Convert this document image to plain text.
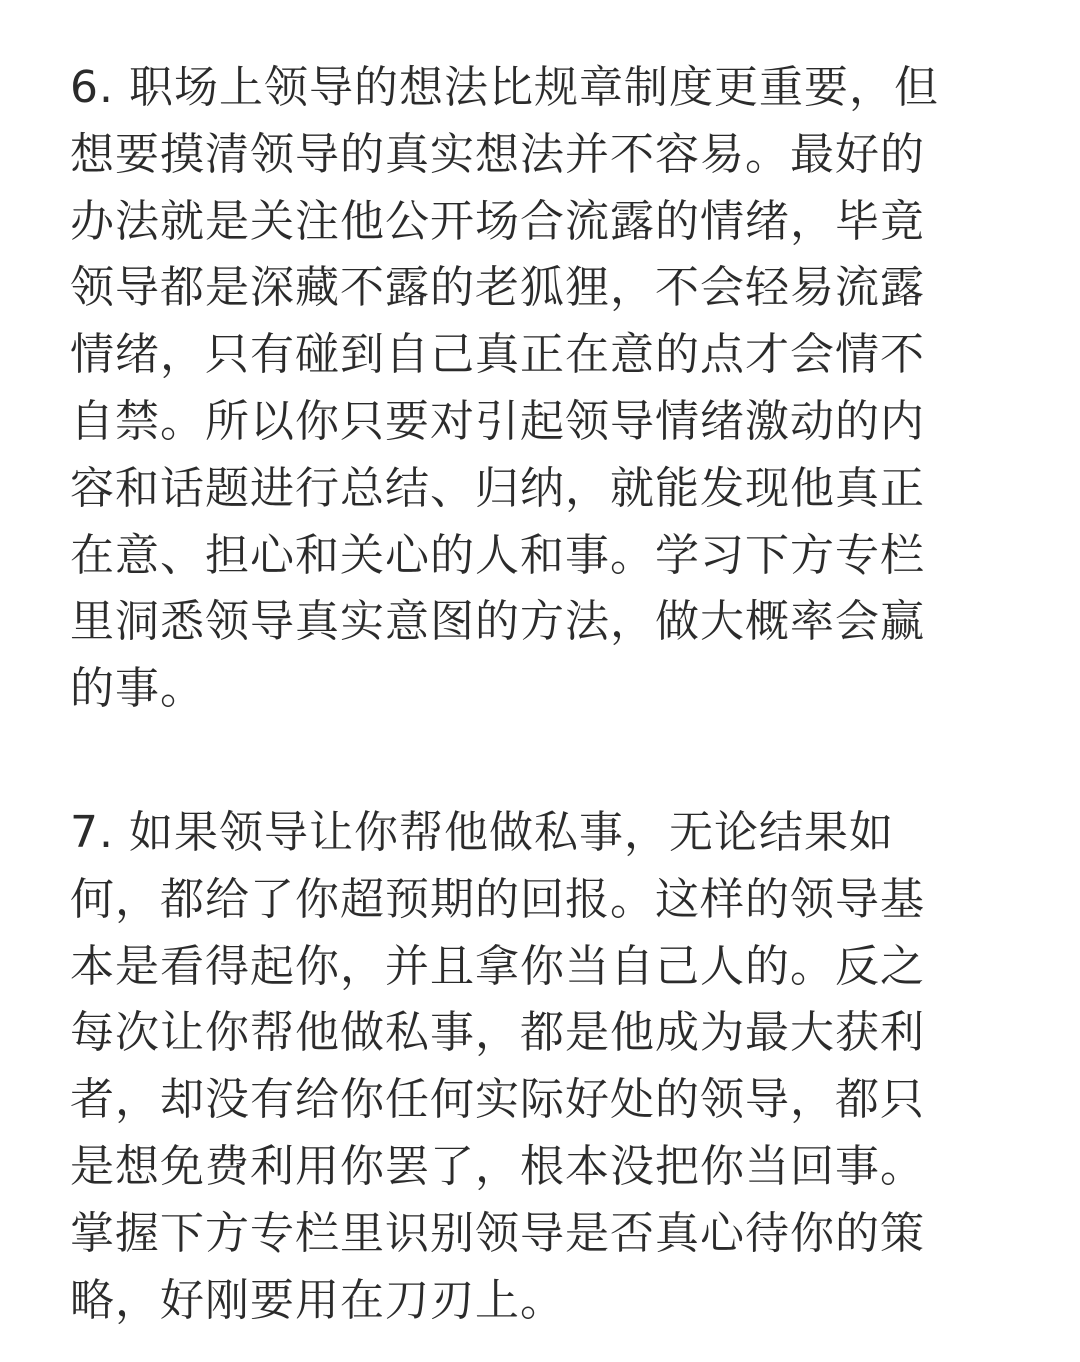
6. 职场上领导的想法比规章制度更重要，但
想要摸清领导的真实想法并不容易。最好的
办法就是关注他公开场合流露的情绪，毕竟
领导都是深藏不露的老狐狸，不会轻易流露
情绪，只有碰到自己真正在意的点才会情不
自禁。所以你只要对引起领导情绪激动的内
容和话题进行总结、归纳，就能发现他真正
在意、担心和关心的人和事。学习下方专栏
里洞悉领导真实意图的方法，做大概率会赢
的事。
7. 如果领导让你帮他做私事，无论结果如
何，都给了你超预期的回报。这样的领导基
本是看得起你，并且拿你当自己人的。反之
每次让你帮他做私事，都是他成为最大获利
者，却没有给你任何实际好处的领导，都只
是想免费利用你罢了，根本没把你当回事。
掌握下方专栏里识别领导是否真心待你的策
略，好刚要用在刀刃上。
